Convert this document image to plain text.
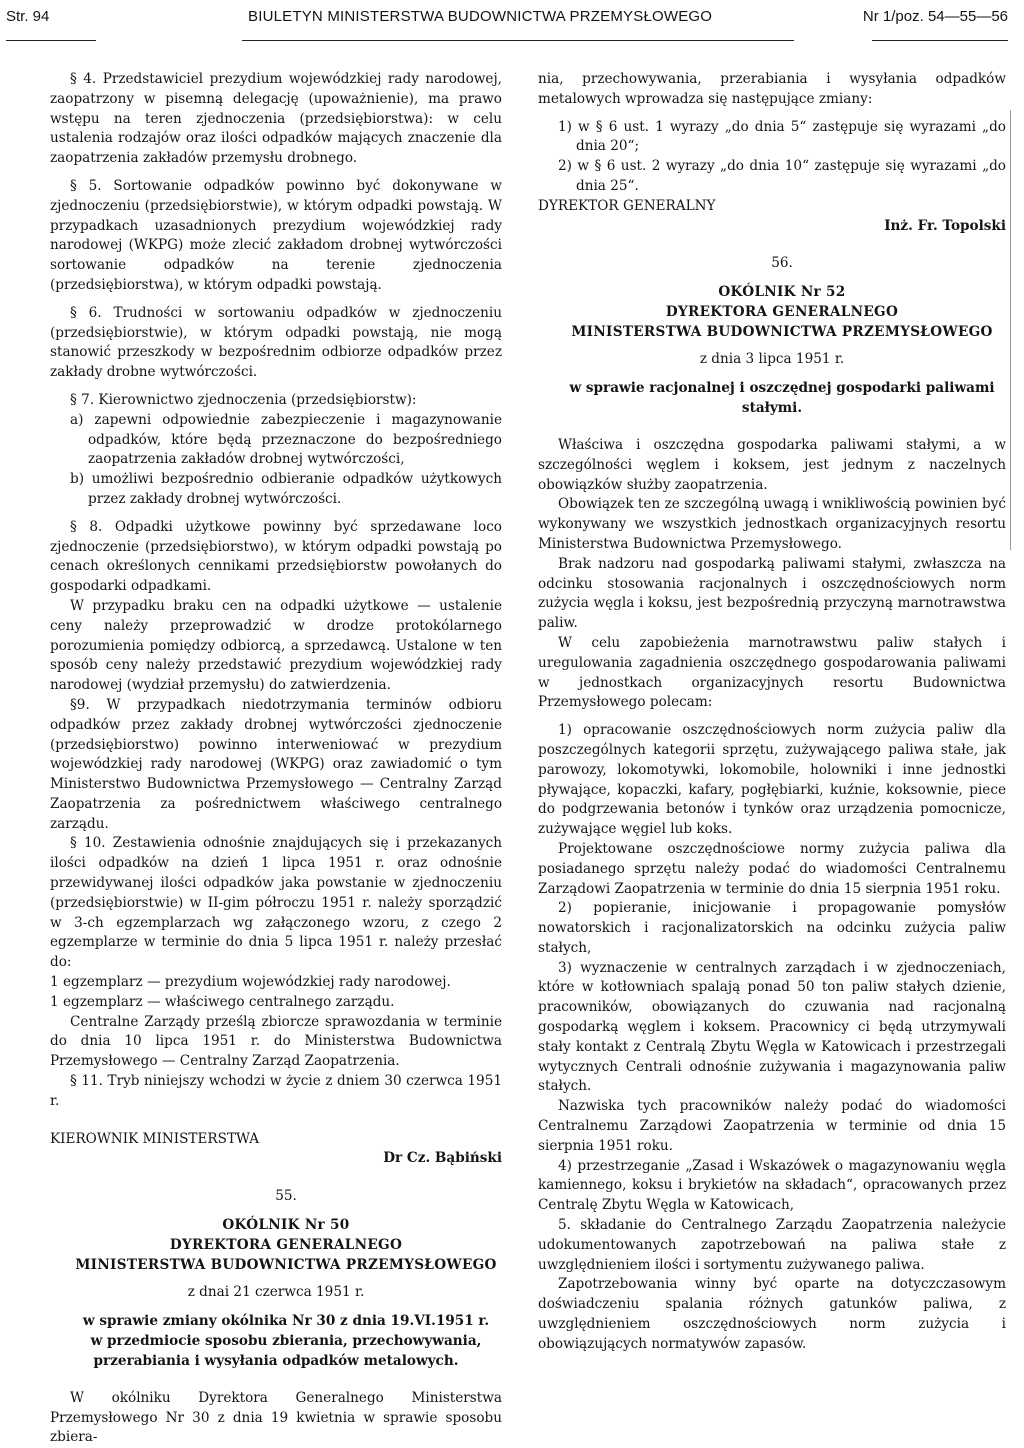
Str. 94	BIULETYN MINISTERSTWA BUDOWNICTWA PRZEMYSŁOWEGO	Nr 1/poz. 54—55—56

§ 4. Przedstawiciel prezydium wojewódzkiej rady narodowej, zaopatrzony w pisemną delegację (upoważnienie), ma prawo wstępu na teren zjednoczenia (przedsiębiorstwa): w celu ustalenia rodzajów oraz ilości odpadków mających znaczenie dla zaopatrzenia zakładów przemysłu drobnego.

§ 5. Sortowanie odpadków powinno być dokonywane w zjednoczeniu (przedsiębiorstwie), w którym odpadki powstają. W przypadkach uzasadnionych prezydium wojewódzkiej rady narodowej (WKPG) może zlecić zakładom drobnej wytwórczości sortowanie odpadków na terenie zjednoczenia (przedsiębiorstwa), w którym odpadki powstają.

§ 6. Trudności w sortowaniu odpadków w zjednoczeniu (przedsiębiorstwie), w którym odpadki powstają, nie mogą stanowić przeszkody w bezpośrednim odbiorze odpadków przez zakłady drobne wytwórczości.

§ 7. Kierownictwo zjednoczenia (przedsiębiorstw):

a) zapewni odpowiednie zabezpieczenie i magazynowanie odpadków, które będą przeznaczone do bezpośredniego zaopatrzenia zakładów drobnej wytwórczości,

b) umożliwi bezpośrednio odbieranie odpadków użytkowych przez zakłady drobnej wytwórczości.

§ 8. Odpadki użytkowe powinny być sprzedawane loco zjednoczenie (przedsiębiorstwo), w którym odpadki powstają po cenach określonych cennikami przedsiębiorstw powołanych do gospodarki odpadkami.

W przypadku braku cen na odpadki użytkowe — ustalenie ceny należy przeprowadzić w drodze protokólarnego porozumienia pomiędzy odbiorcą, a sprzedawcą. Ustalone w ten sposób ceny należy przedstawić prezydium wojewódzkiej rady narodowej (wydział przemysłu) do zatwierdzenia.

§9. W przypadkach niedotrzymania terminów odbioru odpadków przez zakłady drobnej wytwórczości zjednoczenie (przedsiębiorstwo) powinno interweniować w prezydium wojewódzkiej rady narodowej (WKPG) oraz zawiadomić o tym Ministerstwo Budownictwa Przemysłowego — Centralny Zarząd Zaopatrzenia za pośrednictwem właściwego centralnego zarządu.

§ 10. Zestawienia odnośnie znajdujących się i przekazanych ilości odpadków na dzień 1 lipca 1951 r. oraz odnośnie przewidywanej ilości odpadków jaka powstanie w zjednoczeniu (przedsiębiorstwie) w II-gim półroczu 1951 r. należy sporządzić w 3-ch egzemplarzach wg załączonego wzoru, z czego 2 egzemplarze w terminie do dnia 5 lipca 1951 r. należy przesłać do:

1 egzemplarz — prezydium wojewódzkiej rady narodowej.

1 egzemplarz — właściwego centralnego zarządu.

Centralne Zarządy prześlą zbiorcze sprawozdania w terminie do dnia 10 lipca 1951 r. do Ministerstwa Budownictwa Przemysłowego — Centralny Zarząd Zaopatrzenia.

§ 11. Tryb niniejszy wchodzi w życie z dniem 30 czerwca 1951 r.

KIEROWNIK MINISTERSTWA

Dr Cz. Bąbiński

55.

OKÓLNIK Nr 50

DYREKTORA GENERALNEGO

MINISTERSTWA BUDOWNICTWA PRZEMYSŁOWEGO

z dnai 21 czerwca 1951 r.

w sprawie zmiany okólnika Nr 30 z dnia 19.VI.1951 r.

w przedmiocie sposobu zbierania, przechowywania, przerabiania i wysyłania odpadków metalowych.

W okólniku Dyrektora Generalnego Ministerstwa Przemysłowego Nr 30 z dnia 19 kwietnia w sprawie sposobu zbiera-

nia, przechowywania, przerabiania i wysyłania odpadków metalowych wprowadza się następujące zmiany:

1) w § 6 ust. 1 wyrazy „do dnia 5“ zastępuje się wyrazami „do dnia 20“;

2) w § 6 ust. 2 wyrazy „do dnia 10“ zastępuje się wyrazami „do dnia 25“.

DYREKTOR GENERALNY

Inż. Fr. Topolski

56.

OKÓLNIK Nr 52

DYREKTORA GENERALNEGO

MINISTERSTWA BUDOWNICTWA PRZEMYSŁOWEGO

z dnia 3 lipca 1951 r.

w sprawie racjonalnej i oszczędnej gospodarki paliwami stałymi.

Właściwa i oszczędna gospodarka paliwami stałymi, a w szczególności węglem i koksem, jest jednym z naczelnych obowiązków służby zaopatrzenia.

Obowiązek ten ze szczególną uwagą i wnikliwością powinien być wykonywany we wszystkich jednostkach organizacyjnych resortu Ministerstwa Budownictwa Przemysłowego.

Brak nadzoru nad gospodarką paliwami stałymi, zwłaszcza na odcinku stosowania racjonalnych i oszczędnościowych norm zużycia węgla i koksu, jest bezpośrednią przyczyną marnotrawstwa paliw.

W celu zapobieżenia marnotrawstwu paliw stałych i uregulowania zagadnienia oszczędnego gospodarowania paliwami w jednostkach organizacyjnych resortu Budownictwa Przemysłowego polecam:

1) opracowanie oszczędnościowych norm zużycia paliw dla poszczególnych kategorii sprzętu, zużywającego paliwa stałe, jak parowozy, lokomotywki, lokomobile, holowniki i inne jednostki pływające, kopaczki, kafary, pogłębiarki, kuźnie, koksownie, piece do podgrzewania betonów i tynków oraz urządzenia pomocnicze, zużywające węgiel lub koks.

Projektowane oszczędnościowe normy zużycia paliwa dla posiadanego sprzętu należy podać do wiadomości Centralnemu Zarządowi Zaopatrzenia w terminie do dnia 15 sierpnia 1951 roku.

2) popieranie, inicjowanie i propagowanie pomysłów nowatorskich i racjonalizatorskich na odcinku zużycia paliw stałych,

3) wyznaczenie w centralnych zarządach i w zjednoczeniach, które w kotłowniach spalają ponad 50 ton paliw stałych dzienie, pracowników, obowiązanych do czuwania nad racjonalną gospodarką węglem i koksem. Pracownicy ci będą utrzymywali stały kontakt z Centralą Zbytu Węgla w Katowicach i przestrzegali wytycznych Centrali odnośnie zużywania i magazynowania paliw stałych.

Nazwiska tych pracowników należy podać do wiadomości Centralnemu Zarządowi Zaopatrzenia w terminie od dnia 15 sierpnia 1951 roku.

4) przestrzeganie „Zasad i Wskazówek o magazynowaniu węgla kamiennego, koksu i brykietów na składach“, opracowanych przez Centralę Zbytu Węgla w Katowicach,

5. składanie do Centralnego Zarządu Zaopatrzenia należycie udokumentowanych zapotrzebowań na paliwa stałe z uwzględnieniem ilości i sortymentu zużywanego paliwa.

Zapotrzebowania winny być oparte na dotyczczasowym doświadczeniu spalania różnych gatunków paliwa, z uwzględnieniem oszczędnościowych norm zużycia i obowiązujących normatywów zapasów.
